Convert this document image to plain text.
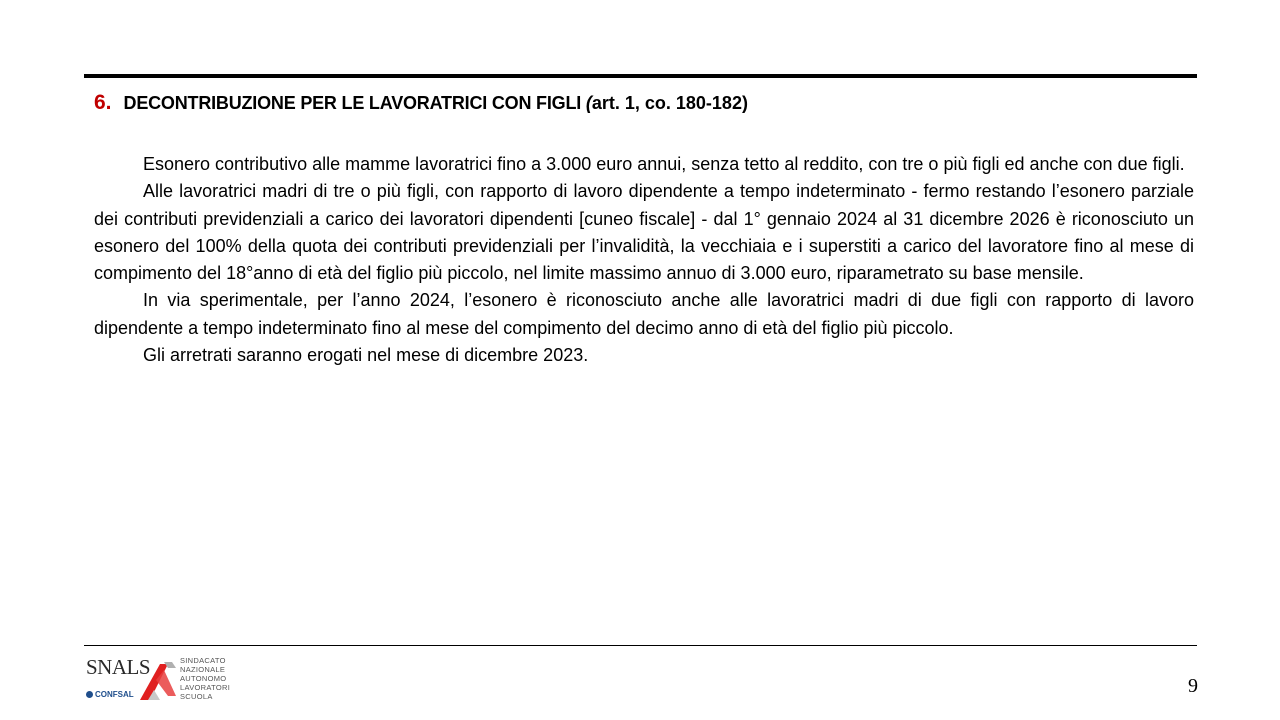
6. DECONTRIBUZIONE PER LE LAVORATRICI CON FIGLI (art. 1, co. 180-182)

Esonero contributivo alle mamme lavoratrici fino a 3.000 euro annui, senza tetto al reddito, con tre o più figli ed anche con due figli.

Alle lavoratrici madri di tre o più figli, con rapporto di lavoro dipendente a tempo indeterminato - fermo restando l’esonero parziale dei contributi previdenziali a carico dei lavoratori dipendenti [cuneo fiscale] - dal 1° gennaio 2024 al 31 dicembre 2026 è riconosciuto un esonero del 100% della quota dei contributi previdenziali per l’invalidità, la vecchiaia e i superstiti a carico del lavoratore fino al mese di compimento del 18°anno di età del figlio più piccolo, nel limite massimo annuo di 3.000 euro, riparametrato su base mensile.

In via sperimentale, per l’anno 2024, l’esonero è riconosciuto anche alle lavoratrici madri di due figli con rapporto di lavoro dipendente a tempo indeterminato fino al mese del compimento del decimo anno di età del figlio più piccolo.

Gli arretrati saranno erogati nel mese di dicembre 2023.

SNALS
CONFSAL
SINDACATO
NAZIONALE
AUTONOMO
LAVORATORI
SCUOLA	9
